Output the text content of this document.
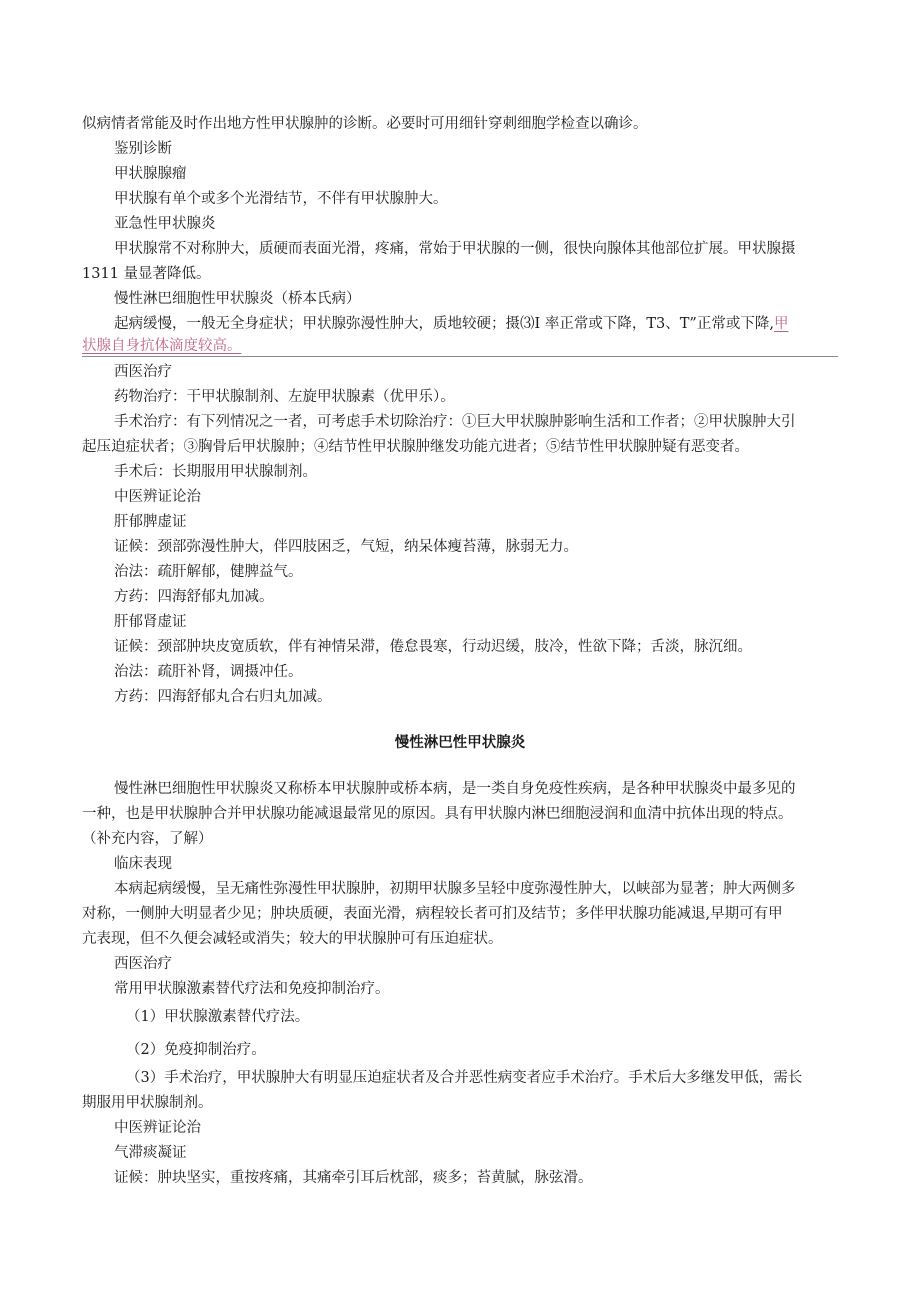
似病情者常能及时作出地方性甲状腺肿的诊断。必要时可用细针穿刺细胞学检查以确诊。
鉴别诊断
甲状腺腺瘤
甲状腺有单个或多个光滑结节，不伴有甲状腺肿大。
亚急性甲状腺炎
甲状腺常不对称肿大，质硬而表面光滑，疼痛，常始于甲状腺的一侧，很快向腺体其他部位扩展。甲状腺摄
1311 量显著降低。
慢性淋巴细胞性甲状腺炎（桥本氏病）
起病缓慢，一般无全身症状；甲状腺弥漫性肿大，质地较硬；摄⑶I 率正常或下降，T3、T”正常或下降,甲
状腺自身抗体滴度较高。
西医治疗
药物治疗：干甲状腺制剂、左旋甲状腺素（优甲乐）。
手术治疗：有下列情况之一者，可考虑手术切除治疗：①巨大甲状腺肿影响生活和工作者；②甲状腺肿大引
起压迫症状者；③胸骨后甲状腺肿；④结节性甲状腺肿继发功能亢进者；⑤结节性甲状腺肿疑有恶变者。
手术后：长期服用甲状腺制剂。
中医辨证论治
肝郁脾虚证
证候：颈部弥漫性肿大，伴四肢困乏，气短，纳呆体瘦苔薄，脉弱无力。
治法：疏肝解郁，健脾益气。
方药：四海舒郁丸加减。
肝郁肾虚证
证候：颈部肿块皮宽质软，伴有神情呆滞，倦怠畏寒，行动迟缓，肢冷，性欲下降；舌淡，脉沉细。
治法：疏肝补肾，调摄冲任。
方药：四海舒郁丸合右归丸加减。
慢性淋巴性甲状腺炎
慢性淋巴细胞性甲状腺炎又称桥本甲状腺肿或桥本病，是一类自身免疫性疾病，是各种甲状腺炎中最多见的
一种，也是甲状腺肿合并甲状腺功能减退最常见的原因。具有甲状腺内淋巴细胞浸润和血清中抗体出现的特点。
（补充内容，了解）
临床表现
本病起病缓慢，呈无痛性弥漫性甲状腺肿，初期甲状腺多呈轻中度弥漫性肿大，以峡部为显著；肿大两侧多
对称，一侧肿大明显者少见；肿块质硬，表面光滑，病程较长者可扪及结节；多伴甲状腺功能减退,早期可有甲
亢表现，但不久便会减轻或消失；较大的甲状腺肿可有压迫症状。
西医治疗
常用甲状腺激素替代疗法和免疫抑制治疗。
（1）甲状腺激素替代疗法。
（2）免疫抑制治疗。
（3）手术治疗，甲状腺肿大有明显压迫症状者及合并恶性病变者应手术治疗。手术后大多继发甲低，需长
期服用甲状腺制剂。
中医辨证论治
气滞痰凝证
证候：肿块坚实，重按疼痛，其痛牵引耳后枕部，痰多；苔黄腻，脉弦滑。
